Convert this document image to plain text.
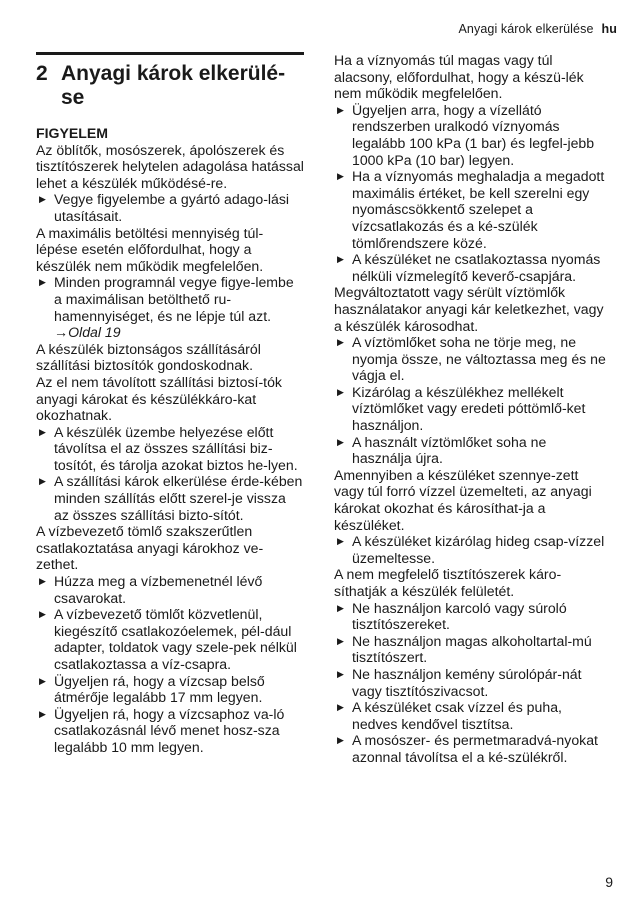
Anyagi károk elkerülése hu
2 Anyagi károk elkerülé-se

FIGYELEM

Az öblítők, mosószerek, ápolószerek és tisztítószerek helytelen adagolása hatással lehet a készülék működésé-re.

▶ Vegye figyelembe a gyártó adago-lási utasításait.

A maximális betöltési mennyiség túl-lépése esetén előfordulhat, hogy a készülék nem működik megfelelően.

▶ Minden programnál vegye figye-lembe a maximálisan betölthető ru-hamennyiséget, és ne lépje túl azt.

→Oldal 19

A készülék biztonságos szállításáról szállítási biztosítók gondoskodnak.

Az el nem távolított szállítási biztosí-tók anyagi károkat és készülékkáro-kat okozhatnak.

▶ A készülék üzembe helyezése előtt távolítsa el az összes szállítási biz-tosítót, és tárolja azokat biztos he-lyen.
▶ A szállítási károk elkerülése érde-kében minden szállítás előtt szerel-je vissza az összes szállítási bizto-sítót.

A vízbevezető tömlő szakszerűtlen csatlakoztatása anyagi károkhoz ve-zethet.

▶ Húzza meg a vízbemenetnél lévő csavarokat.
▶ A vízbevezető tömlőt közvetlenül, kiegészítő csatlakozóelemek, pél-dául adapter, toldatok vagy szele-pek nélkül csatlakoztassa a víz-csapra.
▶ Ügyeljen rá, hogy a vízcsap belső átmérője legalább 17 mm legyen.
▶ Ügyeljen rá, hogy a vízcsaphoz va-ló csatlakozásnál lévő menet hosz-sza legalább 10 mm legyen.

Ha a víznyomás túl magas vagy túl alacsony, előfordulhat, hogy a készü-lék nem működik megfelelően.

▶ Ügyeljen arra, hogy a vízellátó rendszerben uralkodó víznyomás legalább 100 kPa (1 bar) és legfel-jebb 1000 kPa (10 bar) legyen.
▶ Ha a víznyomás meghaladja a megadott maximális értéket, be kell szerelni egy nyomáscsökkentő szelepet a vízcsatlakozás és a ké-szülék tömlőrendszere közé.
▶ A készüléket ne csatlakoztassa nyomás nélküli vízmelegítő keverő-csapjára.

Megváltoztatott vagy sérült víztömlők használatakor anyagi kár keletkezhet, vagy a készülék károsodhat.

▶ A víztömlőket soha ne törje meg, ne nyomja össze, ne változtassa meg és ne vágja el.
▶ Kizárólag a készülékhez mellékelt víztömlőket vagy eredeti póttömlő-ket használjon.
▶ A használt víztömlőket soha ne használja újra.

Amennyiben a készüléket szennye-zett vagy túl forró vízzel üzemelteti, az anyagi károkat okozhat és károsíthat-ja a készüléket.

▶ A készüléket kizárólag hideg csap-vízzel üzemeltesse.

A nem megfelelő tisztítószerek káro-síthatják a készülék felületét.

▶ Ne használjon karcoló vagy súroló tisztítószereket.
▶ Ne használjon magas alkoholtartal-mú tisztítószert.
▶ Ne használjon kemény súrolópár-nát vagy tisztítószivacsot.
▶ A készüléket csak vízzel és puha, nedves kendővel tisztítsa.
▶ A mosószer- és permetmaradvá-nyokat azonnal távolítsa el a ké-szülékről.
9
